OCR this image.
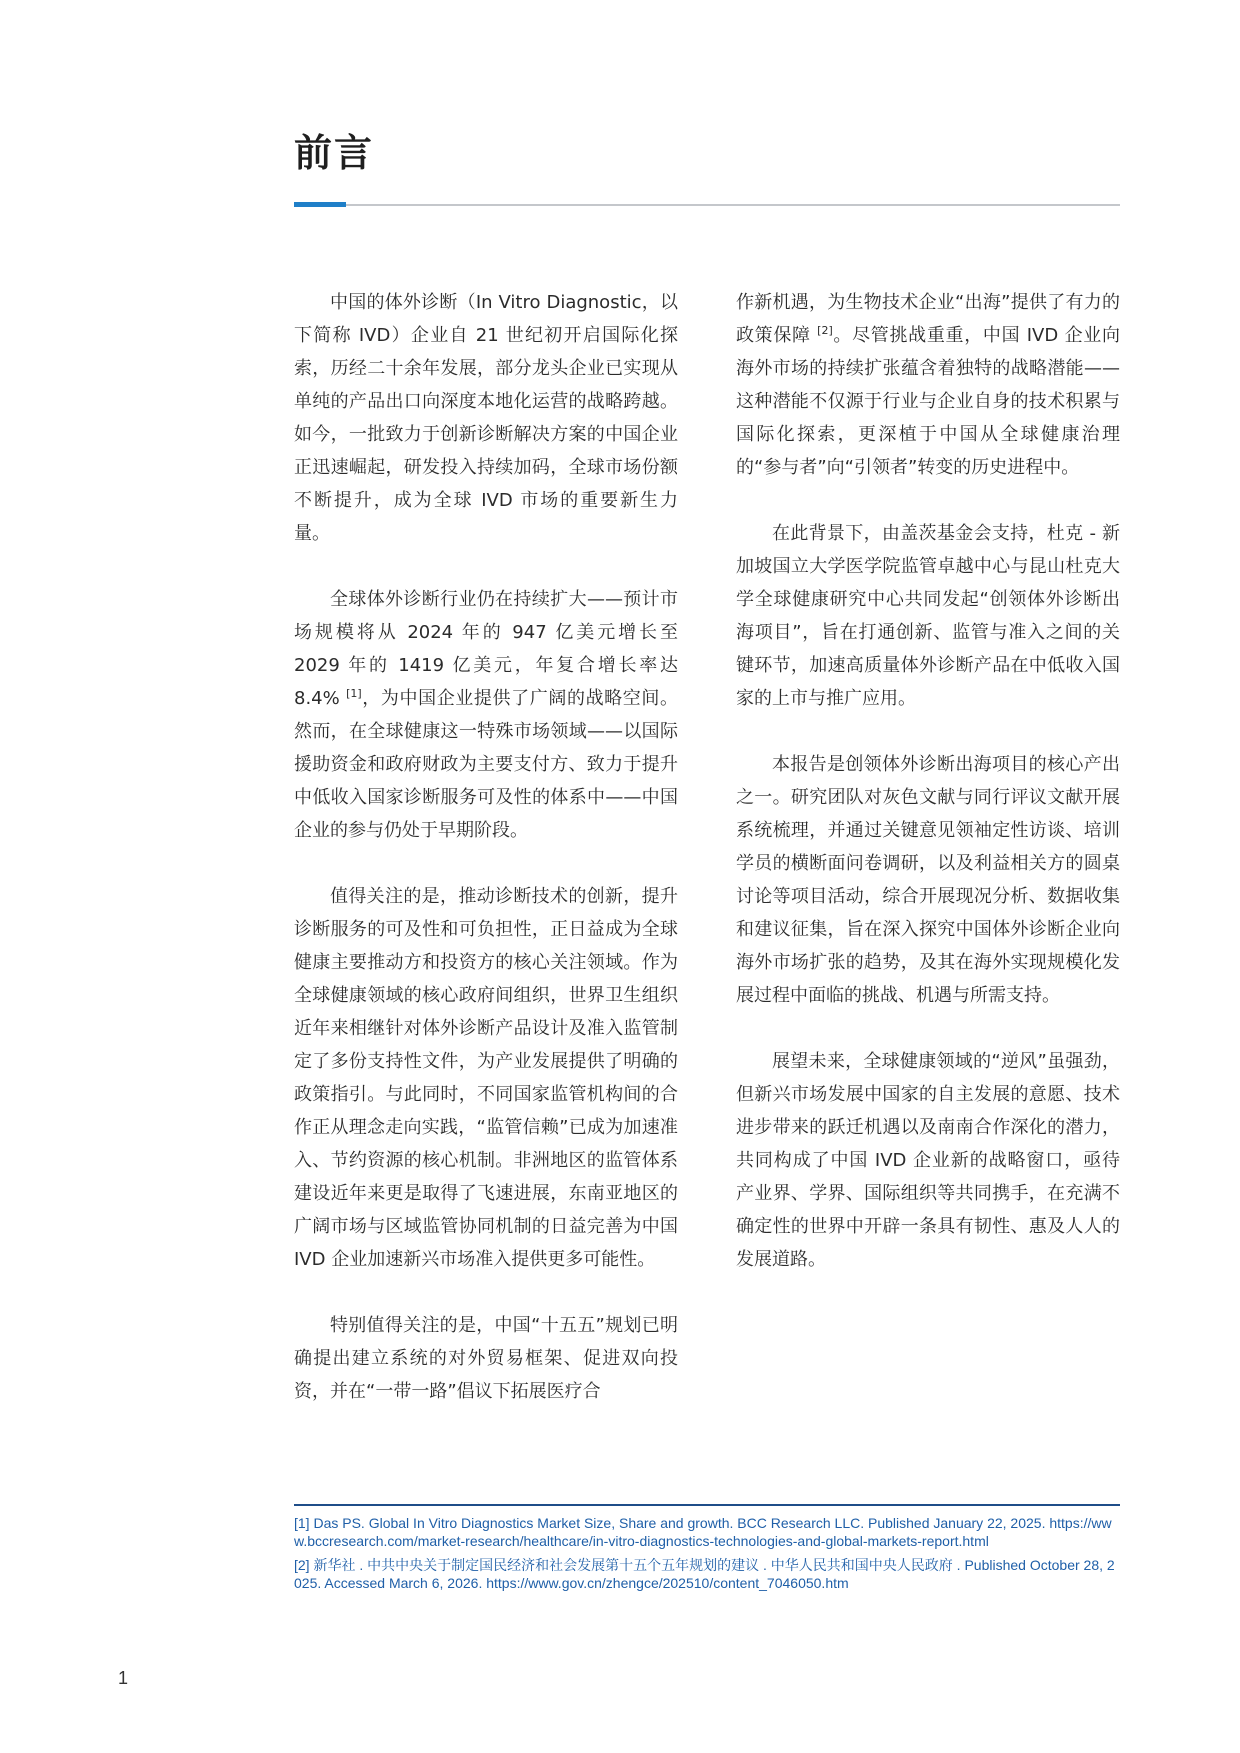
前言

中国的体外诊断（In Vitro Diagnostic，以下简称 IVD）企业自 21 世纪初开启国际化探索，历经二十余年发展，部分龙头企业已实现从单纯的产品出口向深度本地化运营的战略跨越。如今，一批致力于创新诊断解决方案的中国企业正迅速崛起，研发投入持续加码，全球市场份额不断提升，成为全球 IVD 市场的重要新生力量。

全球体外诊断行业仍在持续扩大——预计市场规模将从 2024 年的 947 亿美元增长至 2029 年的 1419 亿美元，年复合增长率达 8.4% [1]，为中国企业提供了广阔的战略空间。然而，在全球健康这一特殊市场领域——以国际援助资金和政府财政为主要支付方、致力于提升中低收入国家诊断服务可及性的体系中——中国企业的参与仍处于早期阶段。

值得关注的是，推动诊断技术的创新，提升诊断服务的可及性和可负担性，正日益成为全球健康主要推动方和投资方的核心关注领域。作为全球健康领域的核心政府间组织，世界卫生组织近年来相继针对体外诊断产品设计及准入监管制定了多份支持性文件，为产业发展提供了明确的政策指引。与此同时，不同国家监管机构间的合作正从理念走向实践，“监管信赖”已成为加速准入、节约资源的核心机制。非洲地区的监管体系建设近年来更是取得了飞速进展，东南亚地区的广阔市场与区域监管协同机制的日益完善为中国 IVD 企业加速新兴市场准入提供更多可能性。

特别值得关注的是，中国“十五五”规划已明确提出建立系统的对外贸易框架、促进双向投资，并在“一带一路”倡议下拓展医疗合

作新机遇，为生物技术企业“出海”提供了有力的政策保障 [2]。尽管挑战重重，中国 IVD 企业向海外市场的持续扩张蕴含着独特的战略潜能——这种潜能不仅源于行业与企业自身的技术积累与国际化探索，更深植于中国从全球健康治理的“参与者”向“引领者”转变的历史进程中。

在此背景下，由盖茨基金会支持，杜克 - 新加坡国立大学医学院监管卓越中心与昆山杜克大学全球健康研究中心共同发起“创领体外诊断出海项目”，旨在打通创新、监管与准入之间的关键环节，加速高质量体外诊断产品在中低收入国家的上市与推广应用。

本报告是创领体外诊断出海项目的核心产出之一。研究团队对灰色文献与同行评议文献开展系统梳理，并通过关键意见领袖定性访谈、培训学员的横断面问卷调研，以及利益相关方的圆桌讨论等项目活动，综合开展现况分析、数据收集和建议征集，旨在深入探究中国体外诊断企业向海外市场扩张的趋势，及其在海外实现规模化发展过程中面临的挑战、机遇与所需支持。

展望未来，全球健康领域的“逆风”虽强劲，但新兴市场发展中国家的自主发展的意愿、技术进步带来的跃迁机遇以及南南合作深化的潜力，共同构成了中国 IVD 企业新的战略窗口，亟待产业界、学界、国际组织等共同携手，在充满不确定性的世界中开辟一条具有韧性、惠及人人的发展道路。

[1] Das PS. Global In Vitro Diagnostics Market Size, Share and growth. BCC Research LLC. Published January 22, 2025. https://www.bccresearch.com/market-research/healthcare/in-vitro-diagnostics-technologies-and-global-markets-report.html

[2] 新华社 . 中共中央关于制定国民经济和社会发展第十五个五年规划的建议 . 中华人民共和国中央人民政府 . Published October 28, 2025. Accessed March 6, 2026. https://www.gov.cn/zhengce/202510/content_7046050.htm

1
